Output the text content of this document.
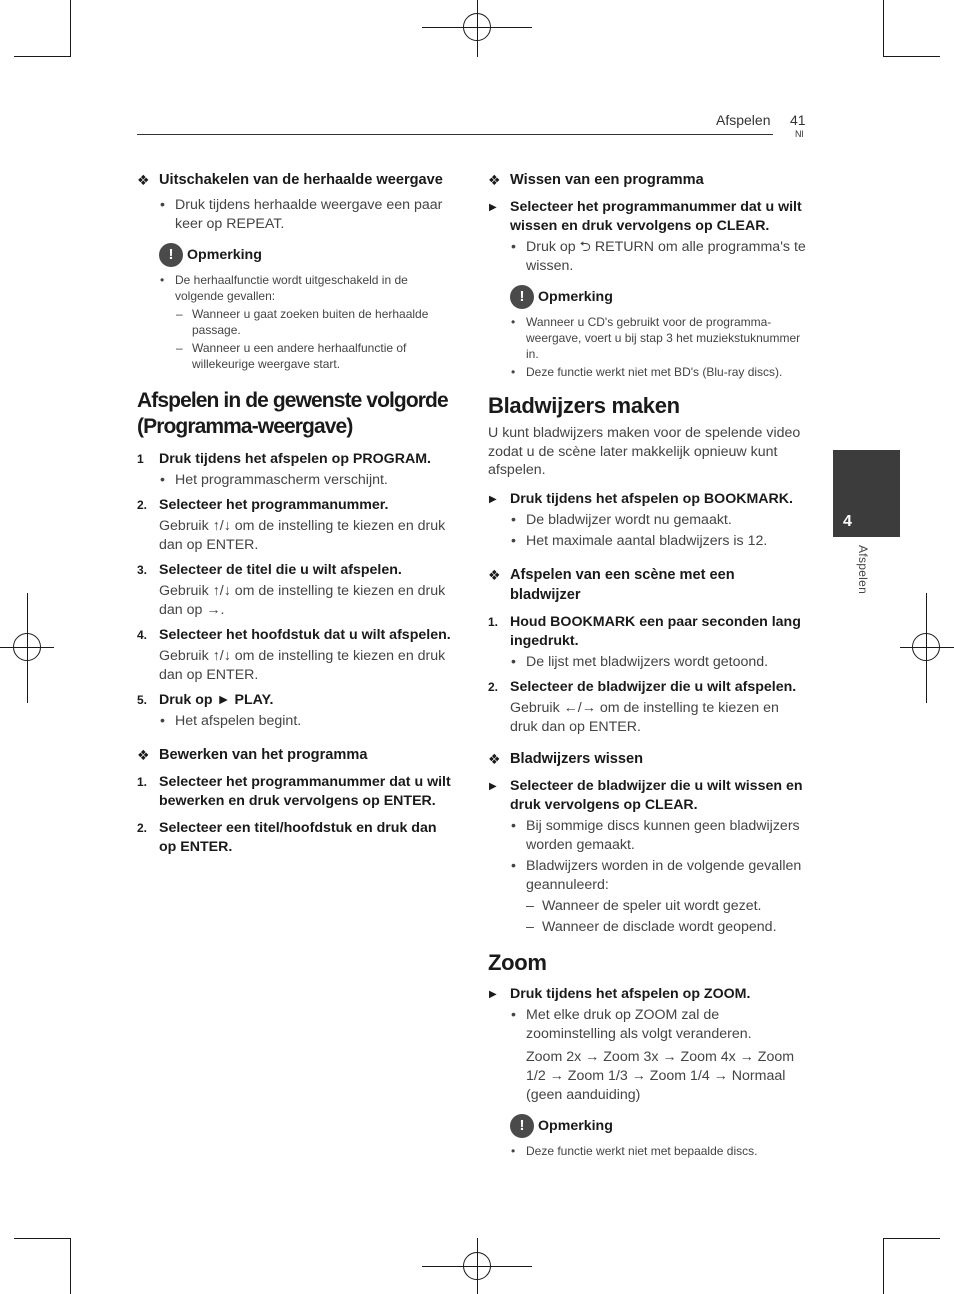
Afspelen 41
Nl
4
Afspelen
❖ Uitschakelen van de herhaalde weergave
• Druk tijdens herhaalde weergave een paar keer op REPEAT.
! Opmerking
• De herhaalfunctie wordt uitgeschakeld in de volgende gevallen:
– Wanneer u gaat zoeken buiten de herhaalde passage.
– Wanneer u een andere herhaalfunctie of willekeurige weergave start.
Afspelen in de gewenste volgorde (Programma-weergave)
1 Druk tijdens het afspelen op PROGRAM.
• Het programmascherm verschijnt.
2. Selecteer het programmanummer.
Gebruik ↑/↓ om de instelling te kiezen en druk dan op ENTER.
3. Selecteer de titel die u wilt afspelen.
Gebruik ↑/↓ om de instelling te kiezen en druk dan op →.
4. Selecteer het hoofdstuk dat u wilt afspelen.
Gebruik ↑/↓ om de instelling te kiezen en druk dan op ENTER.
5. Druk op ► PLAY.
• Het afspelen begint.
❖ Bewerken van het programma
1. Selecteer het programmanummer dat u wilt bewerken en druk vervolgens op ENTER.
2. Selecteer een titel/hoofdstuk en druk dan op ENTER.
❖ Wissen van een programma
▶ Selecteer het programmanummer dat u wilt wissen en druk vervolgens op CLEAR.
• Druk op ⮌ RETURN om alle programma's te wissen.
! Opmerking
• Wanneer u CD's gebruikt voor de programma-weergave, voert u bij stap 3 het muziekstuknummer in.
• Deze functie werkt niet met BD's (Blu-ray discs).
Bladwijzers maken
U kunt bladwijzers maken voor de spelende video zodat u de scène later makkelijk opnieuw kunt afspelen.
▶ Druk tijdens het afspelen op BOOKMARK.
• De bladwijzer wordt nu gemaakt.
• Het maximale aantal bladwijzers is 12.
❖ Afspelen van een scène met een bladwijzer
1. Houd BOOKMARK een paar seconden lang ingedrukt.
• De lijst met bladwijzers wordt getoond.
2. Selecteer de bladwijzer die u wilt afspelen.
Gebruik ←/→ om de instelling te kiezen en druk dan op ENTER.
❖ Bladwijzers wissen
▶ Selecteer de bladwijzer die u wilt wissen en druk vervolgens op CLEAR.
• Bij sommige discs kunnen geen bladwijzers worden gemaakt.
• Bladwijzers worden in de volgende gevallen geannuleerd:
– Wanneer de speler uit wordt gezet.
– Wanneer de disclade wordt geopend.
Zoom
▶ Druk tijdens het afspelen op ZOOM.
• Met elke druk op ZOOM zal de zoominstelling als volgt veranderen.
Zoom 2x → Zoom 3x → Zoom 4x → Zoom 1/2 → Zoom 1/3 → Zoom 1/4 → Normaal (geen aanduiding)
! Opmerking
• Deze functie werkt niet met bepaalde discs.
